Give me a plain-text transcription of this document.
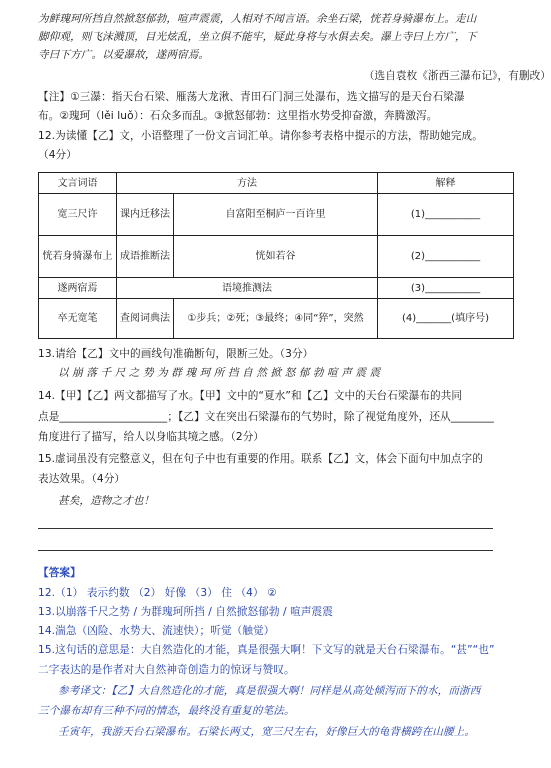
为鲜瑰珂所挡自然掀怒郁勃，喧声震震，人相对不闻言语。余坐石梁，恍若身骑瀑布上。走山
脚仰观，则飞沫溅顶，目光炫乱，坐立俱不能牢，疑此身将与水俱去矣。瀑上寺曰上方广，下
寺曰下方广。以爱瀑故，遂两宿焉。
（选自袁枚《浙西三瀑布记》，有删改）
【注】①三瀑：指天台石梁、雁荡大龙湫、青田石门洞三处瀑布，选文描写的是天台石梁瀑
布。②瑰珂（lěi luǒ）：石众多而乱。③掀怒郁勃：这里指水势受抑奋激，奔腾激泻。
12.为读懂【乙】文，小语整理了一份文言词汇单。请你参考表格中提示的方法，帮助她完成。
（4分）
文言词语	方法		解释
宽三尺许	课内迁移法	自富阳至桐庐一百许里	(1)___________
恍若身骑瀑布上	成语推断法	恍如若谷	(2)___________
遂两宿焉	语境推测法		(3)___________
卒无宽笔	查阅词典法	①步兵；②死；③最终；④同“猝”，突然	(4)_______(填序号)
13.请给【乙】文中的画线句准确断句，限断三处。（3分）
以 崩 落 千 尺 之 势 为 群 瑰 珂 所 挡 自 然 掀 怒 郁 勃 喧 声 震 震
14.【甲】【乙】两文都描写了水。【甲】文中的“夏水”和【乙】文中的天台石梁瀑布的共同
点是____________________；【乙】文在突出石梁瀑布的气势时，除了视觉角度外，还从________
角度进行了描写，给人以身临其境之感。（2分）
15.虚词虽没有完整意义，但在句子中也有重要的作用。联系【乙】文，体会下面句中加点字的
表达效果。（4分）
甚矣，造物之才也！
【答案】
12.（1） 表示约数 （2） 好像 （3） 住 （4） ②
13.以崩落千尺之势 / 为群瑰珂所挡 / 自然掀怒郁勃 / 喧声震震
14.湍急（凶险、水势大、流速快）；听觉（触觉）
15.这句话的意思是：大自然造化的才能，真是很强大啊！下文写的就是天台石梁瀑布。“甚”“也”
二字表达的是作者对大自然神奇创造力的惊讶与赞叹。
参考译文：【乙】大自然造化的才能，真是很强大啊！同样是从高处倾泻而下的水，而浙西
三个瀑布却有三种不同的情态，最终没有重复的笔法。
壬寅年，我游天台石梁瀑布。石梁长两丈，宽三尺左右，好像巨大的龟背横跨在山腰上。
